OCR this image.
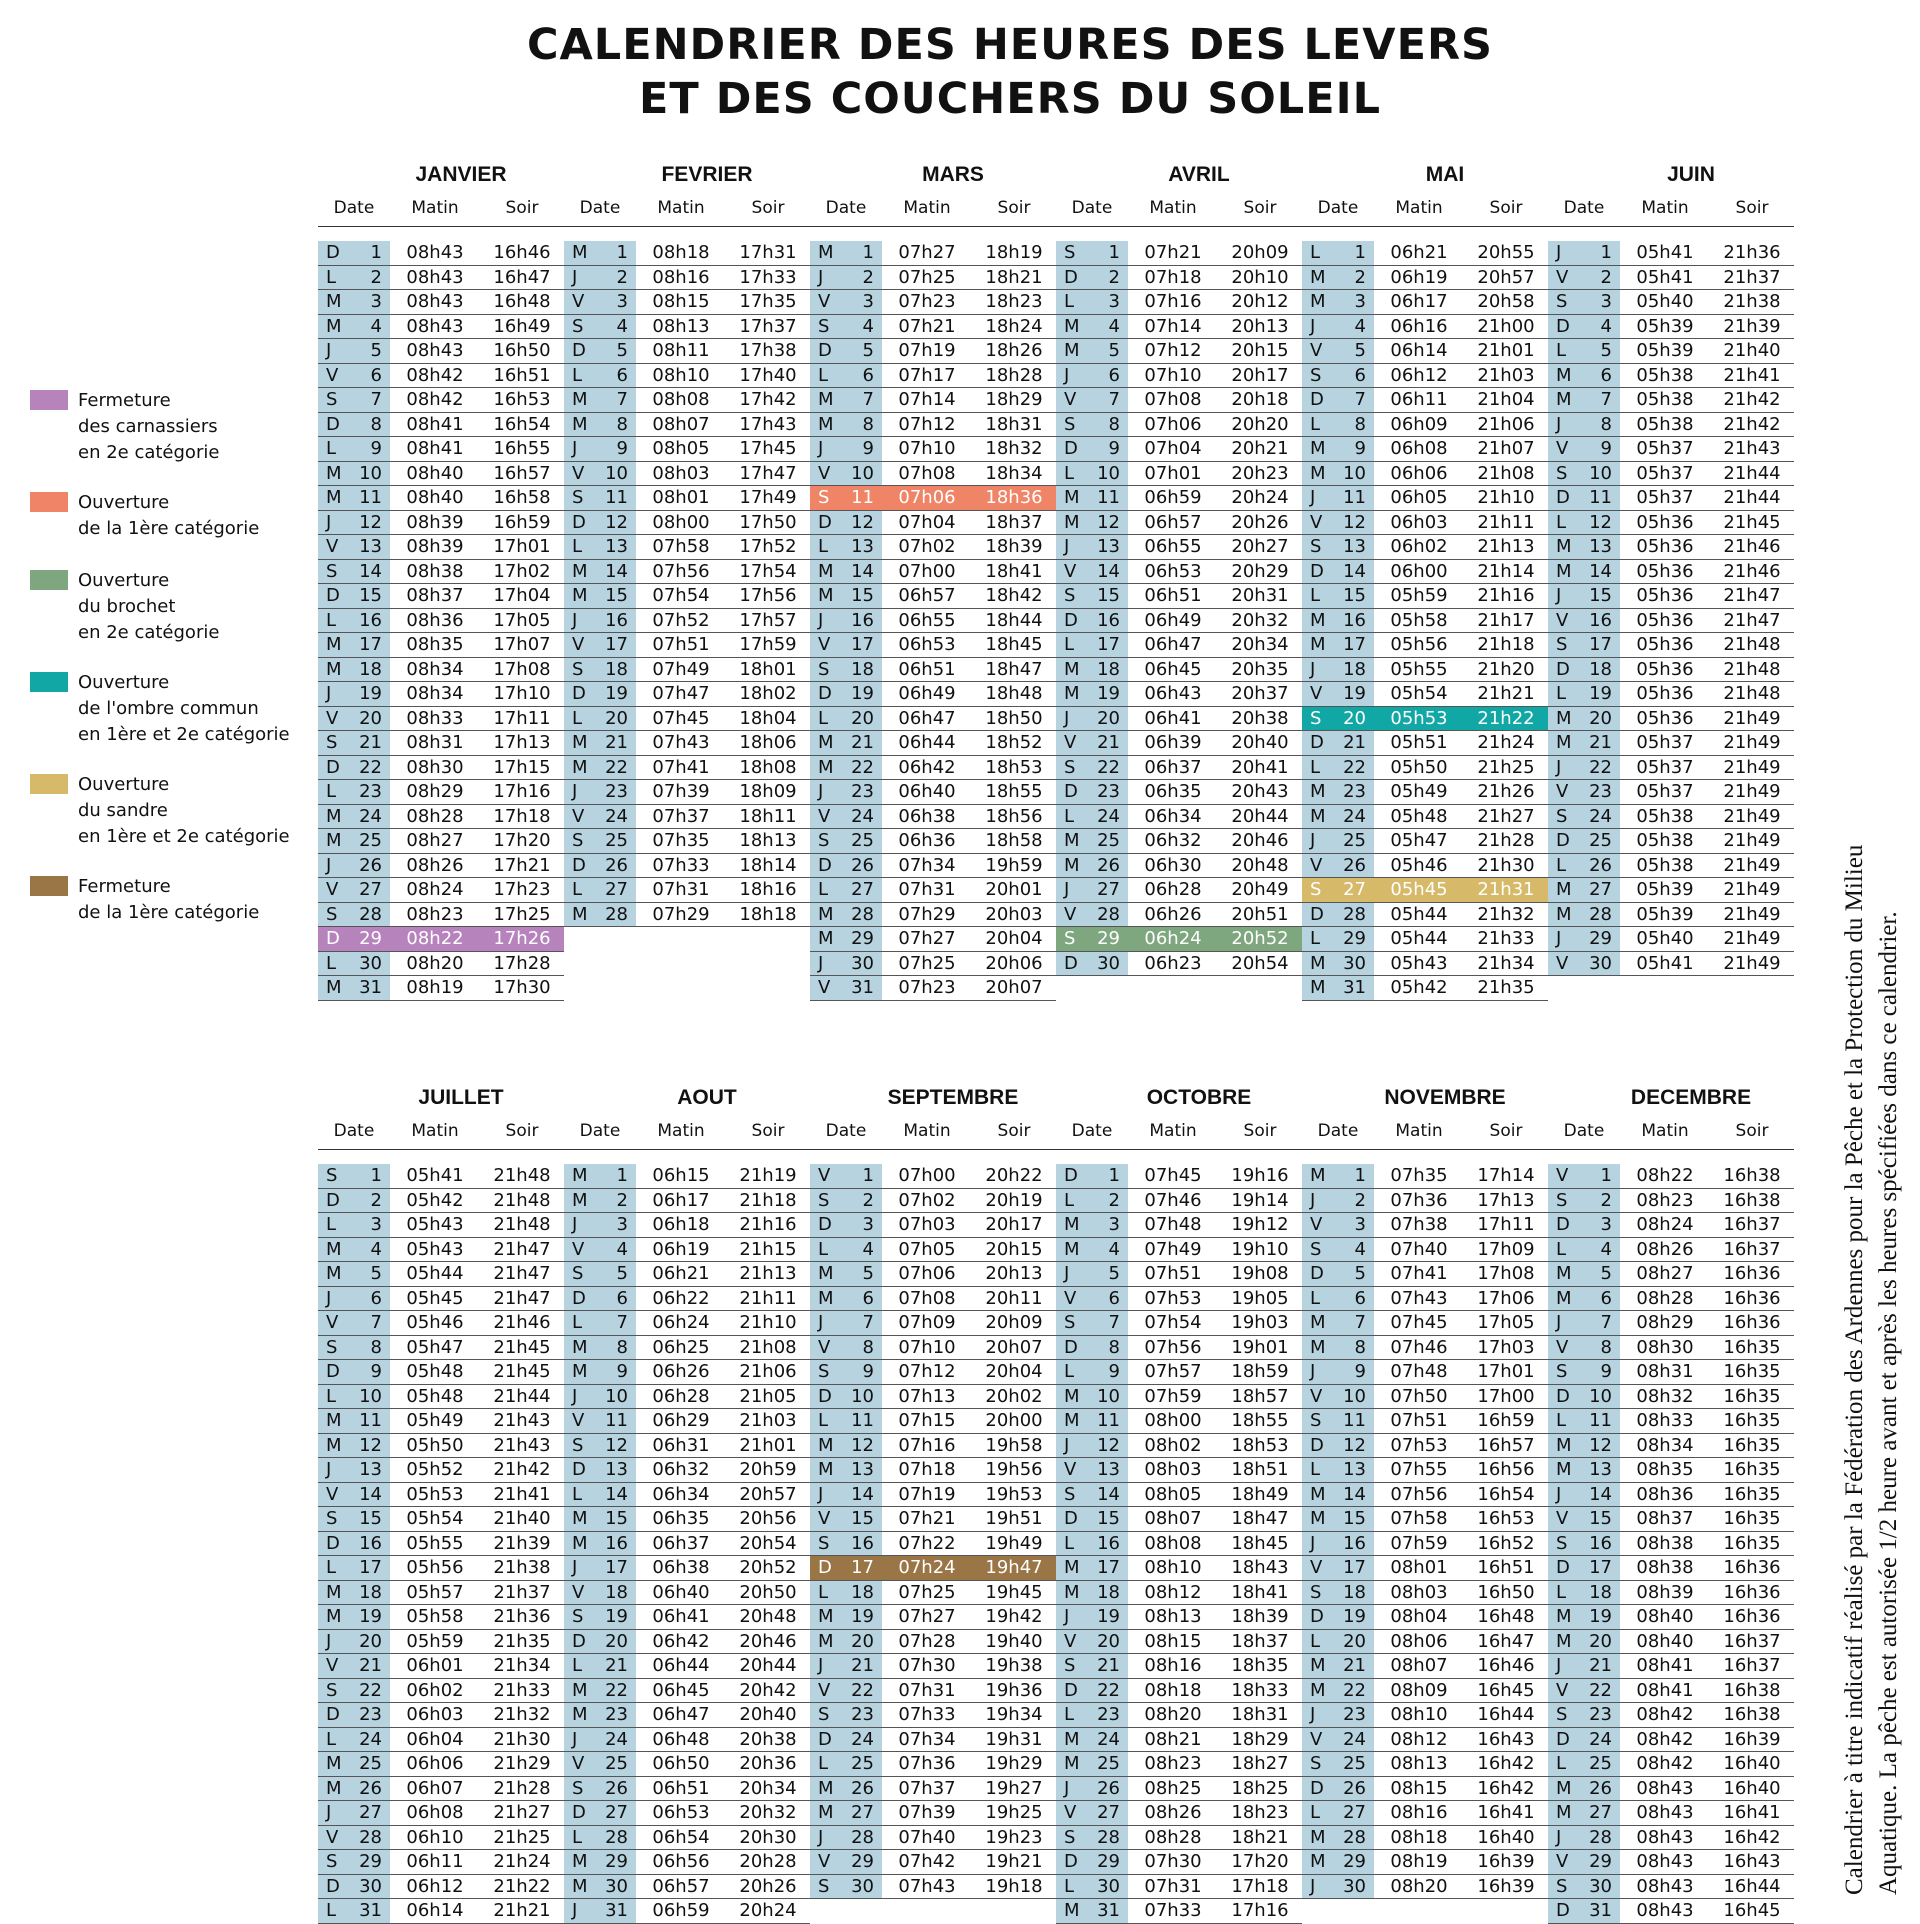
CALENDRIER DES HEURES DES LEVERS
ET DES COUCHERS DU SOLEIL
Fermeture
des carnassiers
en 2e catégorie
Ouverture
de la 1ère catégorie
Ouverture
du brochet
en 2e catégorie
Ouverture
de l'ombre commun
en 1ère et 2e catégorie
Ouverture
du sandre
en 1ère et 2e catégorie
Fermeture
de la 1ère catégorie
JANVIER
Date	Matin	Soir
D 1	08h43	16h46
L 2	08h43	16h47
M 3	08h43	16h48
M 4	08h43	16h49
J 5	08h43	16h50
V 6	08h42	16h51
S 7	08h42	16h53
D 8	08h41	16h54
L 9	08h41	16h55
M 10	08h40	16h57
M 11	08h40	16h58
J 12	08h39	16h59
V 13	08h39	17h01
S 14	08h38	17h02
D 15	08h37	17h04
L 16	08h36	17h05
M 17	08h35	17h07
M 18	08h34	17h08
J 19	08h34	17h10
V 20	08h33	17h11
S 21	08h31	17h13
D 22	08h30	17h15
L 23	08h29	17h16
M 24	08h28	17h18
M 25	08h27	17h20
J 26	08h26	17h21
V 27	08h24	17h23
S 28	08h23	17h25
D 29	08h22	17h26
L 30	08h20	17h28
M 31	08h19	17h30
FEVRIER
Date	Matin	Soir
M 1	08h18	17h31
J 2	08h16	17h33
V 3	08h15	17h35
S 4	08h13	17h37
D 5	08h11	17h38
L 6	08h10	17h40
M 7	08h08	17h42
M 8	08h07	17h43
J 9	08h05	17h45
V 10	08h03	17h47
S 11	08h01	17h49
D 12	08h00	17h50
L 13	07h58	17h52
M 14	07h56	17h54
M 15	07h54	17h56
J 16	07h52	17h57
V 17	07h51	17h59
S 18	07h49	18h01
D 19	07h47	18h02
L 20	07h45	18h04
M 21	07h43	18h06
M 22	07h41	18h08
J 23	07h39	18h09
V 24	07h37	18h11
S 25	07h35	18h13
D 26	07h33	18h14
L 27	07h31	18h16
M 28	07h29	18h18
MARS
Date	Matin	Soir
M 1	07h27	18h19
J 2	07h25	18h21
V 3	07h23	18h23
S 4	07h21	18h24
D 5	07h19	18h26
L 6	07h17	18h28
M 7	07h14	18h29
M 8	07h12	18h31
J 9	07h10	18h32
V 10	07h08	18h34
S 11	07h06	18h36
D 12	07h04	18h37
L 13	07h02	18h39
M 14	07h00	18h41
M 15	06h57	18h42
J 16	06h55	18h44
V 17	06h53	18h45
S 18	06h51	18h47
D 19	06h49	18h48
L 20	06h47	18h50
M 21	06h44	18h52
M 22	06h42	18h53
J 23	06h40	18h55
V 24	06h38	18h56
S 25	06h36	18h58
D 26	07h34	19h59
L 27	07h31	20h01
M 28	07h29	20h03
M 29	07h27	20h04
J 30	07h25	20h06
V 31	07h23	20h07
AVRIL
Date	Matin	Soir
S 1	07h21	20h09
D 2	07h18	20h10
L 3	07h16	20h12
M 4	07h14	20h13
M 5	07h12	20h15
J 6	07h10	20h17
V 7	07h08	20h18
S 8	07h06	20h20
D 9	07h04	20h21
L 10	07h01	20h23
M 11	06h59	20h24
M 12	06h57	20h26
J 13	06h55	20h27
V 14	06h53	20h29
S 15	06h51	20h31
D 16	06h49	20h32
L 17	06h47	20h34
M 18	06h45	20h35
M 19	06h43	20h37
J 20	06h41	20h38
V 21	06h39	20h40
S 22	06h37	20h41
D 23	06h35	20h43
L 24	06h34	20h44
M 25	06h32	20h46
M 26	06h30	20h48
J 27	06h28	20h49
V 28	06h26	20h51
S 29	06h24	20h52
D 30	06h23	20h54
MAI
Date	Matin	Soir
L 1	06h21	20h55
M 2	06h19	20h57
M 3	06h17	20h58
J 4	06h16	21h00
V 5	06h14	21h01
S 6	06h12	21h03
D 7	06h11	21h04
L 8	06h09	21h06
M 9	06h08	21h07
M 10	06h06	21h08
J 11	06h05	21h10
V 12	06h03	21h11
S 13	06h02	21h13
D 14	06h00	21h14
L 15	05h59	21h16
M 16	05h58	21h17
M 17	05h56	21h18
J 18	05h55	21h20
V 19	05h54	21h21
S 20	05h53	21h22
D 21	05h51	21h24
L 22	05h50	21h25
M 23	05h49	21h26
M 24	05h48	21h27
J 25	05h47	21h28
V 26	05h46	21h30
S 27	05h45	21h31
D 28	05h44	21h32
L 29	05h44	21h33
M 30	05h43	21h34
M 31	05h42	21h35
JUIN
Date	Matin	Soir
J 1	05h41	21h36
V 2	05h41	21h37
S 3	05h40	21h38
D 4	05h39	21h39
L 5	05h39	21h40
M 6	05h38	21h41
M 7	05h38	21h42
J 8	05h38	21h42
V 9	05h37	21h43
S 10	05h37	21h44
D 11	05h37	21h44
L 12	05h36	21h45
M 13	05h36	21h46
M 14	05h36	21h46
J 15	05h36	21h47
V 16	05h36	21h47
S 17	05h36	21h48
D 18	05h36	21h48
L 19	05h36	21h48
M 20	05h36	21h49
M 21	05h37	21h49
J 22	05h37	21h49
V 23	05h37	21h49
S 24	05h38	21h49
D 25	05h38	21h49
L 26	05h38	21h49
M 27	05h39	21h49
M 28	05h39	21h49
J 29	05h40	21h49
V 30	05h41	21h49
JUILLET
Date	Matin	Soir
S 1	05h41	21h48
D 2	05h42	21h48
L 3	05h43	21h48
M 4	05h43	21h47
M 5	05h44	21h47
J 6	05h45	21h47
V 7	05h46	21h46
S 8	05h47	21h45
D 9	05h48	21h45
L 10	05h48	21h44
M 11	05h49	21h43
M 12	05h50	21h43
J 13	05h52	21h42
V 14	05h53	21h41
S 15	05h54	21h40
D 16	05h55	21h39
L 17	05h56	21h38
M 18	05h57	21h37
M 19	05h58	21h36
J 20	05h59	21h35
V 21	06h01	21h34
S 22	06h02	21h33
D 23	06h03	21h32
L 24	06h04	21h30
M 25	06h06	21h29
M 26	06h07	21h28
J 27	06h08	21h27
V 28	06h10	21h25
S 29	06h11	21h24
D 30	06h12	21h22
L 31	06h14	21h21
AOUT
Date	Matin	Soir
M 1	06h15	21h19
M 2	06h17	21h18
J 3	06h18	21h16
V 4	06h19	21h15
S 5	06h21	21h13
D 6	06h22	21h11
L 7	06h24	21h10
M 8	06h25	21h08
M 9	06h26	21h06
J 10	06h28	21h05
V 11	06h29	21h03
S 12	06h31	21h01
D 13	06h32	20h59
L 14	06h34	20h57
M 15	06h35	20h56
M 16	06h37	20h54
J 17	06h38	20h52
V 18	06h40	20h50
S 19	06h41	20h48
D 20	06h42	20h46
L 21	06h44	20h44
M 22	06h45	20h42
M 23	06h47	20h40
J 24	06h48	20h38
V 25	06h50	20h36
S 26	06h51	20h34
D 27	06h53	20h32
L 28	06h54	20h30
M 29	06h56	20h28
M 30	06h57	20h26
J 31	06h59	20h24
SEPTEMBRE
Date	Matin	Soir
V 1	07h00	20h22
S 2	07h02	20h19
D 3	07h03	20h17
L 4	07h05	20h15
M 5	07h06	20h13
M 6	07h08	20h11
J 7	07h09	20h09
V 8	07h10	20h07
S 9	07h12	20h04
D 10	07h13	20h02
L 11	07h15	20h00
M 12	07h16	19h58
M 13	07h18	19h56
J 14	07h19	19h53
V 15	07h21	19h51
S 16	07h22	19h49
D 17	07h24	19h47
L 18	07h25	19h45
M 19	07h27	19h42
M 20	07h28	19h40
J 21	07h30	19h38
V 22	07h31	19h36
S 23	07h33	19h34
D 24	07h34	19h31
L 25	07h36	19h29
M 26	07h37	19h27
M 27	07h39	19h25
J 28	07h40	19h23
V 29	07h42	19h21
S 30	07h43	19h18
OCTOBRE
Date	Matin	Soir
D 1	07h45	19h16
L 2	07h46	19h14
M 3	07h48	19h12
M 4	07h49	19h10
J 5	07h51	19h08
V 6	07h53	19h05
S 7	07h54	19h03
D 8	07h56	19h01
L 9	07h57	18h59
M 10	07h59	18h57
M 11	08h00	18h55
J 12	08h02	18h53
V 13	08h03	18h51
S 14	08h05	18h49
D 15	08h07	18h47
L 16	08h08	18h45
M 17	08h10	18h43
M 18	08h12	18h41
J 19	08h13	18h39
V 20	08h15	18h37
S 21	08h16	18h35
D 22	08h18	18h33
L 23	08h20	18h31
M 24	08h21	18h29
M 25	08h23	18h27
J 26	08h25	18h25
V 27	08h26	18h23
S 28	08h28	18h21
D 29	07h30	17h20
L 30	07h31	17h18
M 31	07h33	17h16
NOVEMBRE
Date	Matin	Soir
M 1	07h35	17h14
J 2	07h36	17h13
V 3	07h38	17h11
S 4	07h40	17h09
D 5	07h41	17h08
L 6	07h43	17h06
M 7	07h45	17h05
M 8	07h46	17h03
J 9	07h48	17h01
V 10	07h50	17h00
S 11	07h51	16h59
D 12	07h53	16h57
L 13	07h55	16h56
M 14	07h56	16h54
M 15	07h58	16h53
J 16	07h59	16h52
V 17	08h01	16h51
S 18	08h03	16h50
D 19	08h04	16h48
L 20	08h06	16h47
M 21	08h07	16h46
M 22	08h09	16h45
J 23	08h10	16h44
V 24	08h12	16h43
S 25	08h13	16h42
D 26	08h15	16h42
L 27	08h16	16h41
M 28	08h18	16h40
M 29	08h19	16h39
J 30	08h20	16h39
DECEMBRE
Date	Matin	Soir
V 1	08h22	16h38
S 2	08h23	16h38
D 3	08h24	16h37
L 4	08h26	16h37
M 5	08h27	16h36
M 6	08h28	16h36
J 7	08h29	16h36
V 8	08h30	16h35
S 9	08h31	16h35
D 10	08h32	16h35
L 11	08h33	16h35
M 12	08h34	16h35
M 13	08h35	16h35
J 14	08h36	16h35
V 15	08h37	16h35
S 16	08h38	16h35
D 17	08h38	16h36
L 18	08h39	16h36
M 19	08h40	16h36
M 20	08h40	16h37
J 21	08h41	16h37
V 22	08h41	16h38
S 23	08h42	16h38
D 24	08h42	16h39
L 25	08h42	16h40
M 26	08h43	16h40
M 27	08h43	16h41
J 28	08h43	16h42
V 29	08h43	16h43
S 30	08h43	16h44
D 31	08h43	16h45
Calendrier à titre indicatif réalisé par la Fédération des Ardennes pour la Pêche et la Protection du Milieu Aquatique. La pêche est autorisée 1/2 heure avant et après les heures spécifiées dans ce calendrier.
